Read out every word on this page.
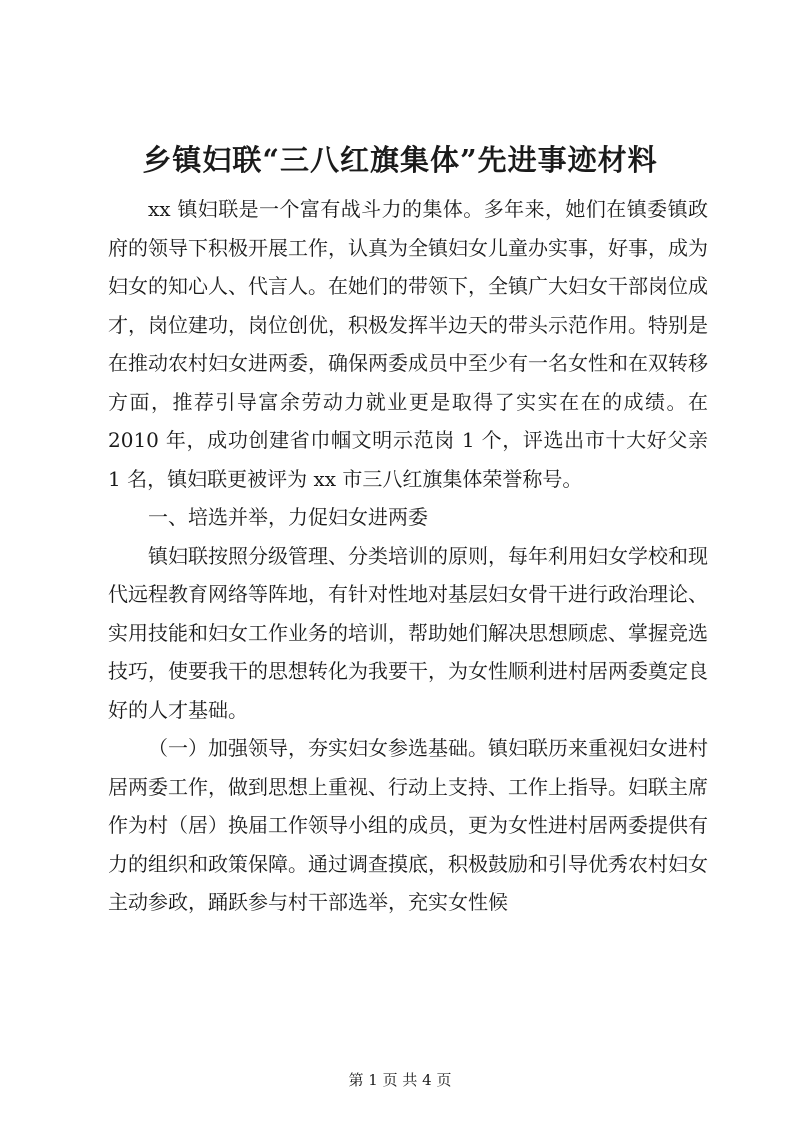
乡镇妇联“三八红旗集体”先进事迹材料

xx 镇妇联是一个富有战斗力的集体。多年来，她们在镇委镇政府的领导下积极开展工作，认真为全镇妇女儿童办实事，好事，成为妇女的知心人、代言人。在她们的带领下，全镇广大妇女干部岗位成才，岗位建功，岗位创优，积极发挥半边天的带头示范作用。特别是在推动农村妇女进两委，确保两委成员中至少有一名女性和在双转移方面，推荐引导富余劳动力就业更是取得了实实在在的成绩。在 2010 年，成功创建省巾帼文明示范岗 1 个，评选出市十大好父亲 1 名，镇妇联更被评为 xx 市三八红旗集体荣誉称号。

一、培选并举，力促妇女进两委

镇妇联按照分级管理、分类培训的原则，每年利用妇女学校和现代远程教育网络等阵地，有针对性地对基层妇女骨干进行政治理论、实用技能和妇女工作业务的培训，帮助她们解决思想顾虑、掌握竞选技巧，使要我干的思想转化为我要干，为女性顺利进村居两委奠定良好的人才基础。

（一）加强领导，夯实妇女参选基础。镇妇联历来重视妇女进村居两委工作，做到思想上重视、行动上支持、工作上指导。妇联主席作为村（居）换届工作领导小组的成员，更为女性进村居两委提供有力的组织和政策保障。通过调查摸底，积极鼓励和引导优秀农村妇女主动参政，踊跃参与村干部选举，充实女性候

第 1 页 共 4 页
